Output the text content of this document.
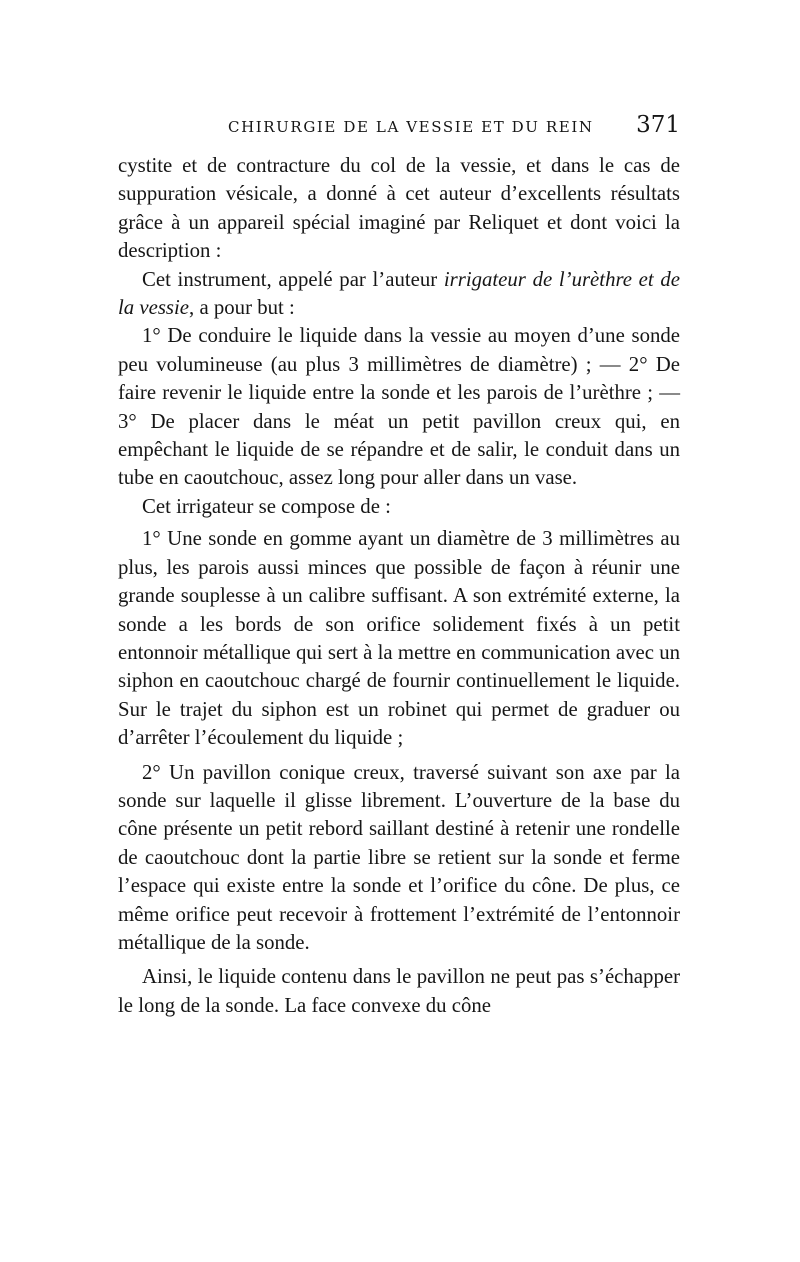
CHIRURGIE DE LA VESSIE ET DU REIN 371

cystite et de contracture du col de la vessie, et dans le cas de suppuration vésicale, a donné à cet auteur d’excellents résultats grâce à un appareil spécial imaginé par Reliquet et dont voici la description :

Cet instrument, appelé par l’auteur irrigateur de l’urèthre et de la vessie, a pour but :

1° De conduire le liquide dans la vessie au moyen d’une sonde peu volumineuse (au plus 3 millimètres de diamètre) ; — 2° De faire revenir le liquide entre la sonde et les parois de l’urèthre ; — 3° De placer dans le méat un petit pavillon creux qui, en empêchant le liquide de se répandre et de salir, le conduit dans un tube en caoutchouc, assez long pour aller dans un vase.

Cet irrigateur se compose de :

1° Une sonde en gomme ayant un diamètre de 3 millimètres au plus, les parois aussi minces que possible de façon à réunir une grande souplesse à un calibre suffisant. A son extrémité externe, la sonde a les bords de son orifice solidement fixés à un petit entonnoir métallique qui sert à la mettre en communication avec un siphon en caoutchouc chargé de fournir continuellement le liquide. Sur le trajet du siphon est un robinet qui permet de graduer ou d’arrêter l’écoulement du liquide ;

2° Un pavillon conique creux, traversé suivant son axe par la sonde sur laquelle il glisse librement. L’ouverture de la base du cône présente un petit rebord saillant destiné à retenir une rondelle de caoutchouc dont la partie libre se retient sur la sonde et ferme l’espace qui existe entre la sonde et l’orifice du cône. De plus, ce même orifice peut recevoir à frottement l’extrémité de l’entonnoir métallique de la sonde.

Ainsi, le liquide contenu dans le pavillon ne peut pas s’échapper le long de la sonde. La face convexe du cône
